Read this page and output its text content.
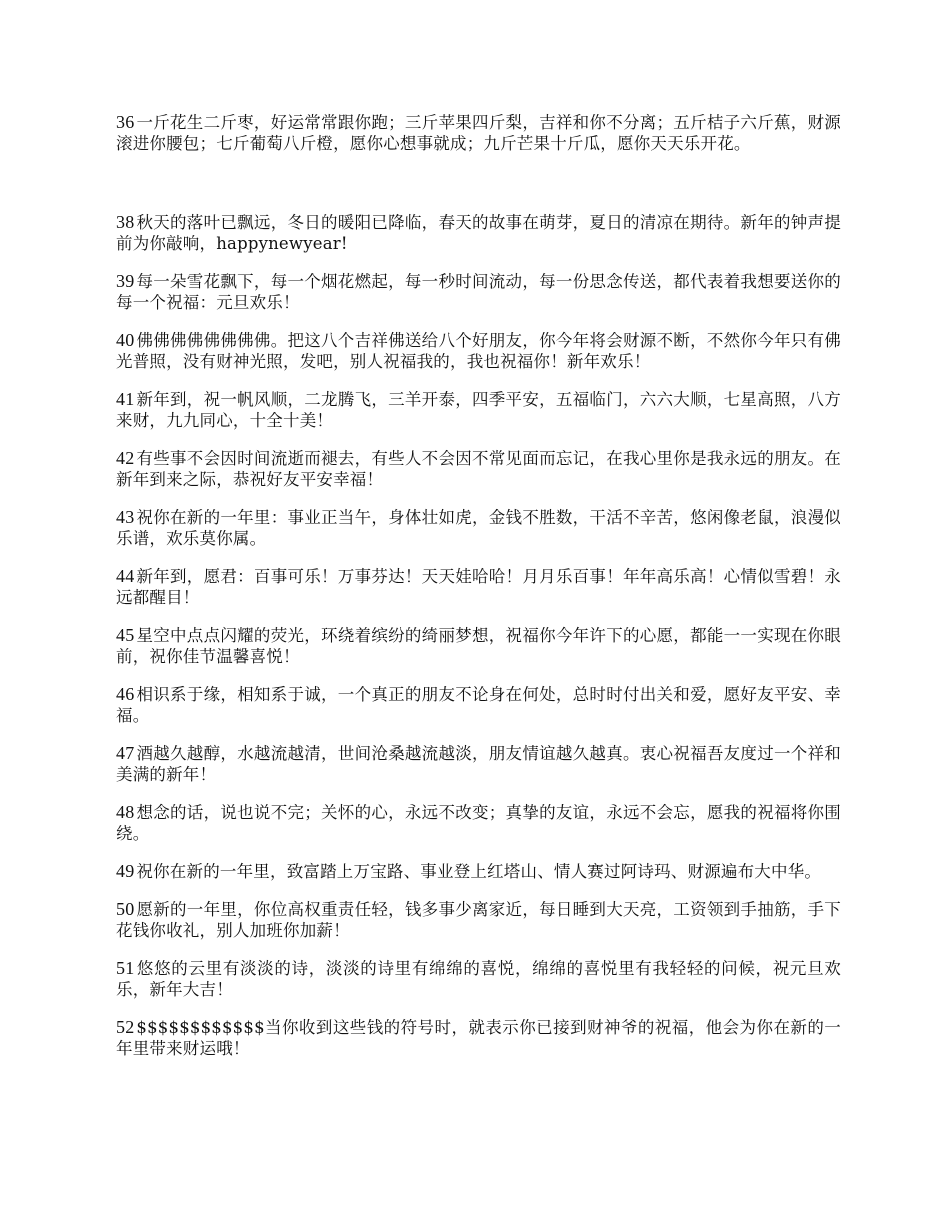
36 一斤花生二斤枣，好运常常跟你跑；三斤苹果四斤梨，吉祥和你不分离；五斤桔子六斤蕉，财源滚进你腰包；七斤葡萄八斤橙，愿你心想事就成；九斤芒果十斤瓜，愿你天天乐开花。

38 秋天的落叶已飘远，冬日的暖阳已降临，春天的故事在萌芽，夏日的清凉在期待。新年的钟声提前为你敲响，happynewyear!

39 每一朵雪花飘下，每一个烟花燃起，每一秒时间流动，每一份思念传送，都代表着我想要送你的每一个祝福：元旦欢乐！

40 佛佛佛佛佛佛佛佛。把这八个吉祥佛送给八个好朋友，你今年将会财源不断，不然你今年只有佛光普照，没有财神光照，发吧，别人祝福我的，我也祝福你！新年欢乐！

41 新年到，祝一帆风顺，二龙腾飞，三羊开泰，四季平安，五福临门，六六大顺，七星高照，八方来财，九九同心，十全十美！

42 有些事不会因时间流逝而褪去，有些人不会因不常见面而忘记，在我心里你是我永远的朋友。在新年到来之际，恭祝好友平安幸福！

43 祝你在新的一年里：事业正当午，身体壮如虎，金钱不胜数，干活不辛苦，悠闲像老鼠，浪漫似乐谱，欢乐莫你属。

44 新年到，愿君：百事可乐！万事芬达！天天娃哈哈！月月乐百事！年年高乐高！心情似雪碧！永远都醒目！

45 星空中点点闪耀的荧光，环绕着缤纷的绮丽梦想，祝福你今年许下的心愿，都能一一实现在你眼前，祝你佳节温馨喜悦！

46 相识系于缘，相知系于诚，一个真正的朋友不论身在何处，总时时付出关和爱，愿好友平安、幸福。

47 酒越久越醇，水越流越清，世间沧桑越流越淡，朋友情谊越久越真。衷心祝福吾友度过一个祥和美满的新年！

48 想念的话，说也说不完；关怀的心，永远不改变；真挚的友谊，永远不会忘，愿我的祝福将你围绕。

49 祝你在新的一年里，致富踏上万宝路、事业登上红塔山、情人赛过阿诗玛、财源遍布大中华。

50 愿新的一年里，你位高权重责任轻，钱多事少离家近，每日睡到大天亮，工资领到手抽筋，手下花钱你收礼，别人加班你加薪！

51 悠悠的云里有淡淡的诗，淡淡的诗里有绵绵的喜悦，绵绵的喜悦里有我轻轻的问候，祝元旦欢乐，新年大吉！

52 $$$$$$$$$$$$当你收到这些钱的符号时，就表示你已接到财神爷的祝福，他会为你在新的一年里带来财运哦！
